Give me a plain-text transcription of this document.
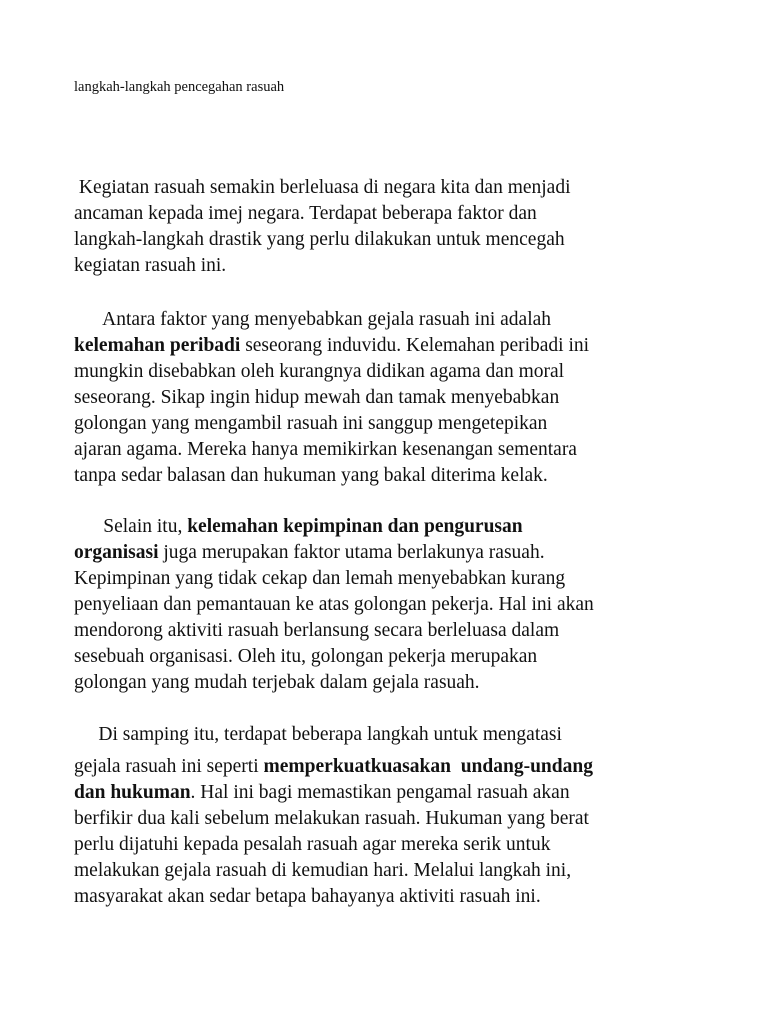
langkah-langkah pencegahan rasuah

Kegiatan rasuah semakin berleluasa di negara kita dan menjadi
ancaman kepada imej negara. Terdapat beberapa faktor dan
langkah-langkah drastik yang perlu dilakukan untuk mencegah
kegiatan rasuah ini.

Antara faktor yang menyebabkan gejala rasuah ini adalah
kelemahan peribadi seseorang induvidu. Kelemahan peribadi ini
mungkin disebabkan oleh kurangnya didikan agama dan moral
seseorang. Sikap ingin hidup mewah dan tamak menyebabkan
golongan yang mengambil rasuah ini sanggup mengetepikan
ajaran agama. Mereka hanya memikirkan kesenangan sementara
tanpa sedar balasan dan hukuman yang bakal diterima kelak.

Selain itu, kelemahan kepimpinan dan pengurusan
organisasi juga merupakan faktor utama berlakunya rasuah.
Kepimpinan yang tidak cekap dan lemah menyebabkan kurang
penyeliaan dan pemantauan ke atas golongan pekerja. Hal ini akan
mendorong aktiviti rasuah berlansung secara berleluasa dalam
sesebuah organisasi. Oleh itu, golongan pekerja merupakan
golongan yang mudah terjebak dalam gejala rasuah.

Di samping itu, terdapat beberapa langkah untuk mengatasi
gejala rasuah ini seperti memperkuatkuasakan  undang-undang
dan hukuman. Hal ini bagi memastikan pengamal rasuah akan
berfikir dua kali sebelum melakukan rasuah. Hukuman yang berat
perlu dijatuhi kepada pesalah rasuah agar mereka serik untuk
melakukan gejala rasuah di kemudian hari. Melalui langkah ini,
masyarakat akan sedar betapa bahayanya aktiviti rasuah ini.
